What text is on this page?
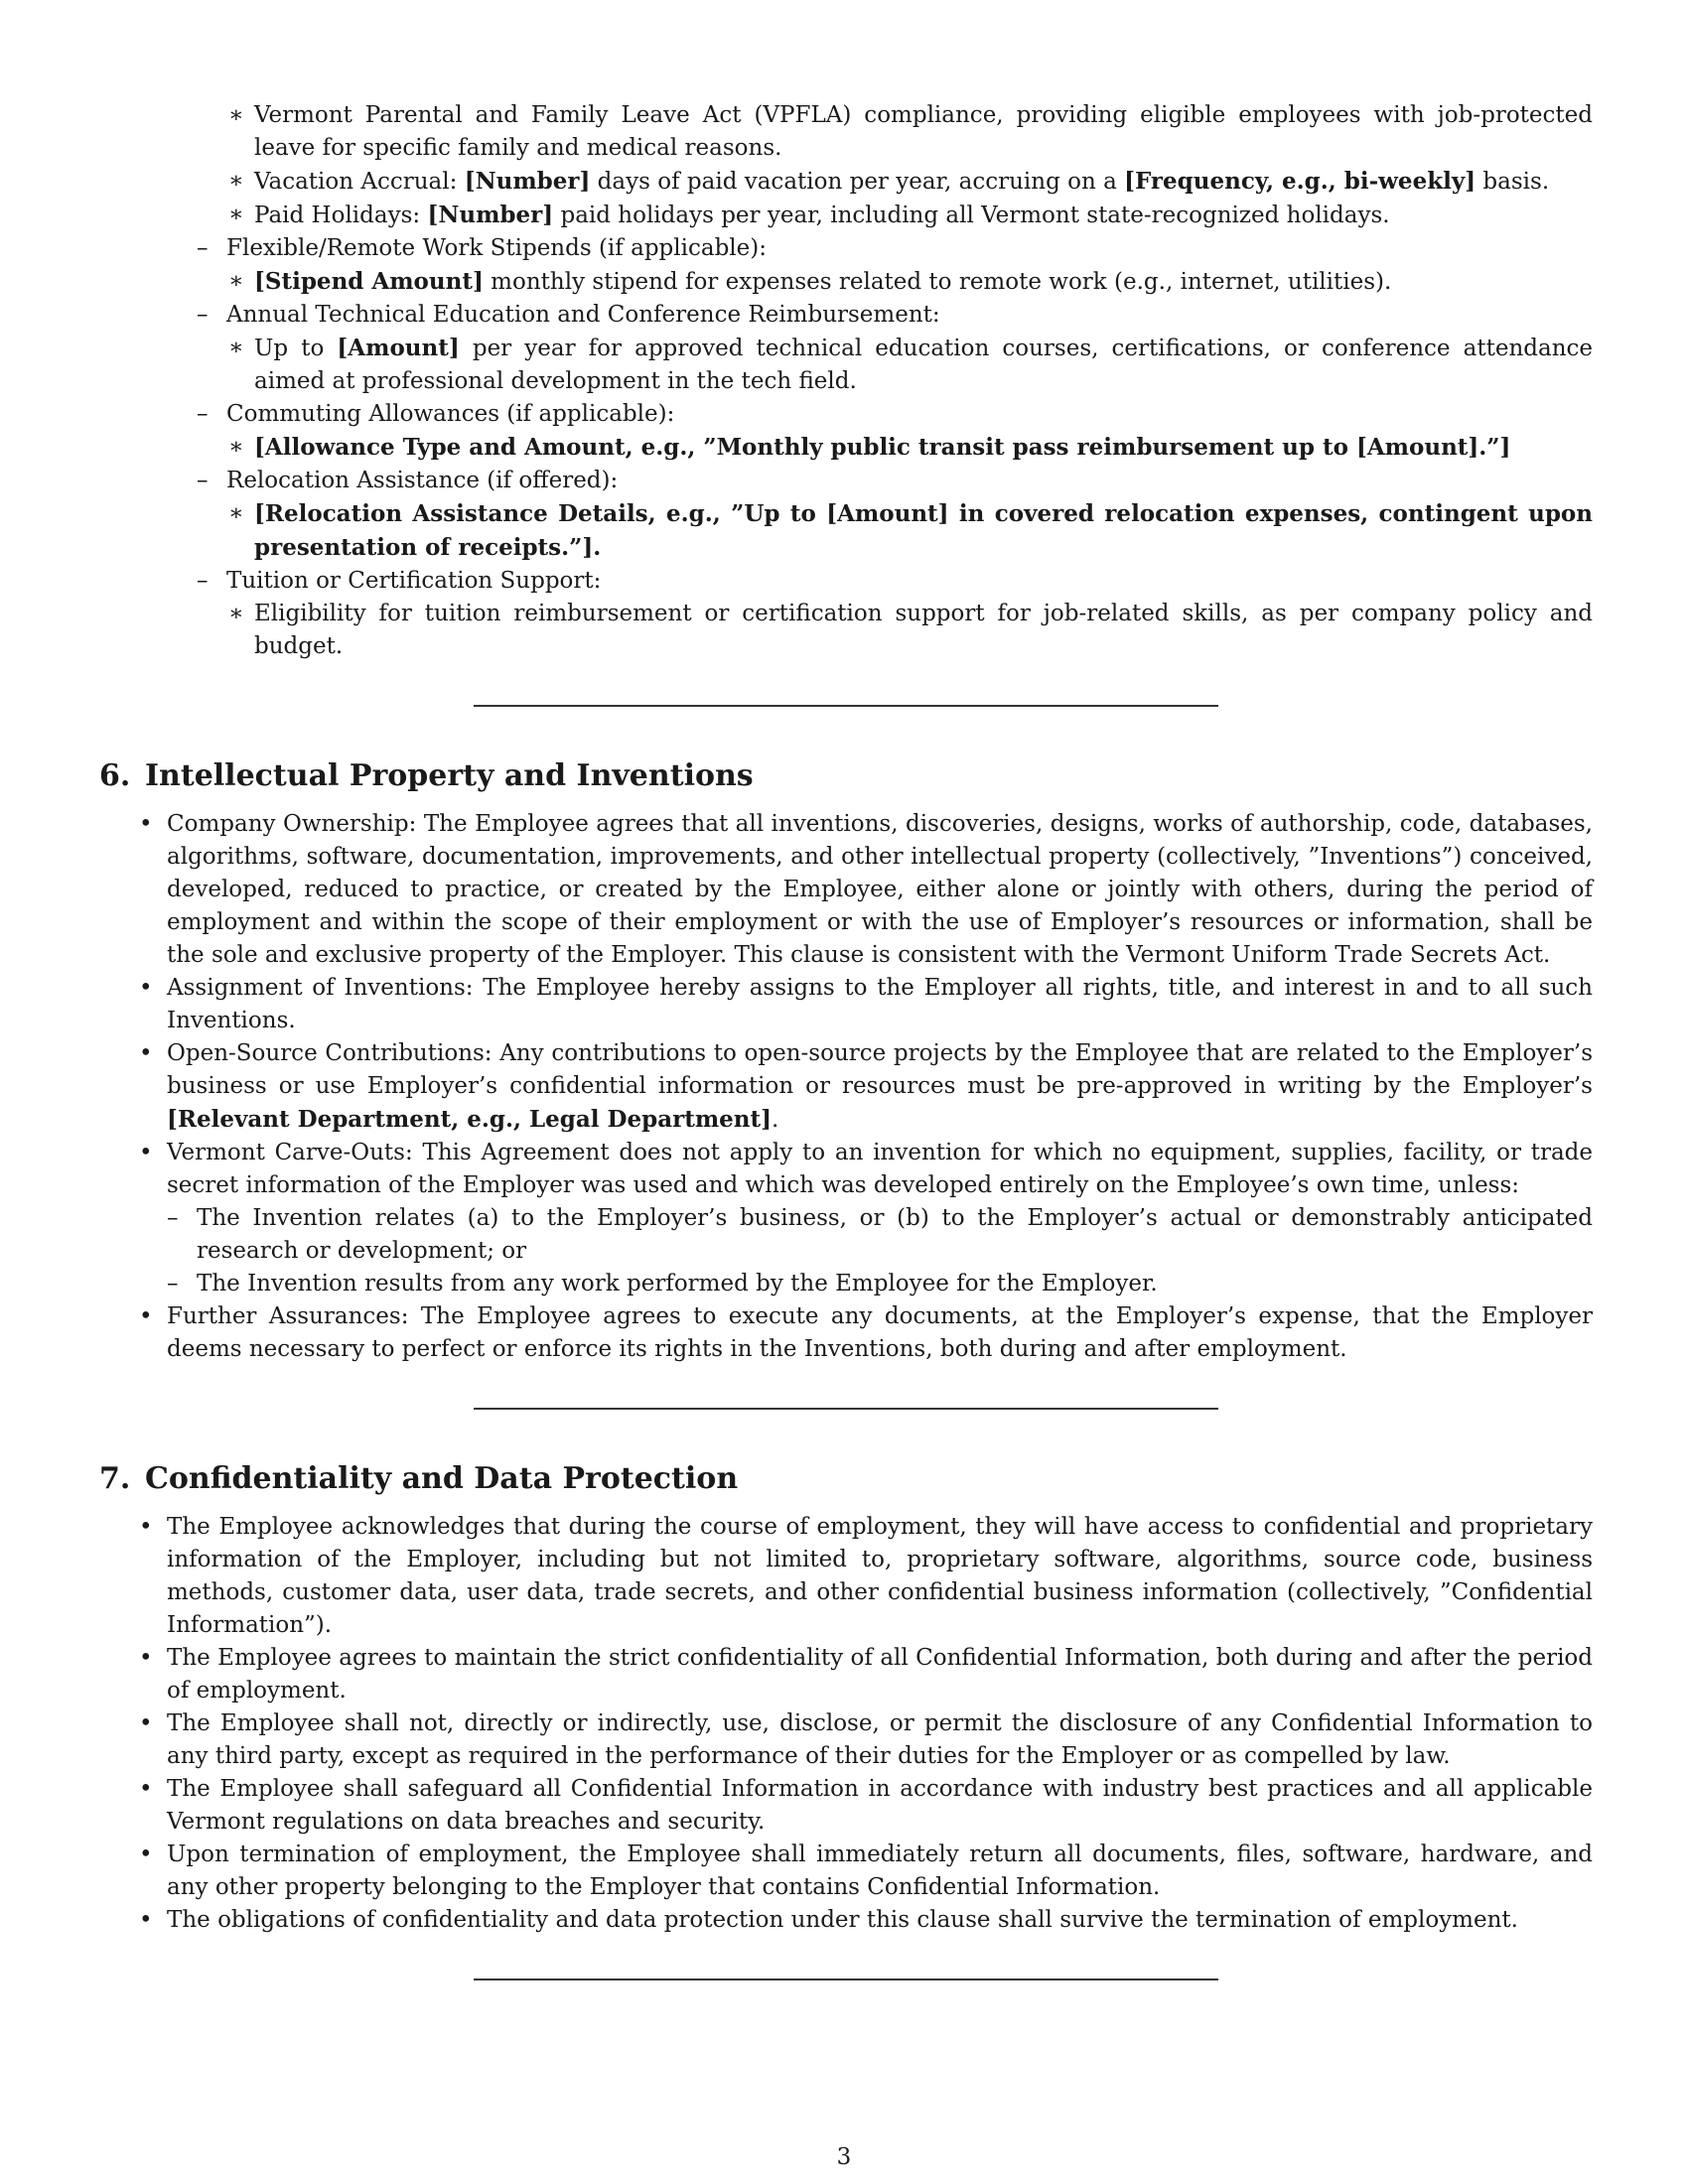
∗ Vermont Parental and Family Leave Act (VPFLA) compliance, providing eligible employees with job-protected leave for specific family and medical reasons.
∗ Vacation Accrual: [Number] days of paid vacation per year, accruing on a [Frequency, e.g., bi-weekly] basis.
∗ Paid Holidays: [Number] paid holidays per year, including all Vermont state-recognized holidays.
– Flexible/Remote Work Stipends (if applicable):
∗ [Stipend Amount] monthly stipend for expenses related to remote work (e.g., internet, utilities).
– Annual Technical Education and Conference Reimbursement:
∗ Up to [Amount] per year for approved technical education courses, certifications, or conference attendance aimed at professional development in the tech field.
– Commuting Allowances (if applicable):
∗ [Allowance Type and Amount, e.g., ”Monthly public transit pass reimbursement up to [Amount].”]
– Relocation Assistance (if offered):
∗ [Relocation Assistance Details, e.g., ”Up to [Amount] in covered relocation expenses, contingent upon presentation of receipts.”].
– Tuition or Certification Support:
∗ Eligibility for tuition reimbursement or certification support for job-related skills, as per company policy and budget.
6. Intellectual Property and Inventions
• Company Ownership: The Employee agrees that all inventions, discoveries, designs, works of authorship, code, databases, algorithms, software, documentation, improvements, and other intellectual property (collectively, ”Inventions”) conceived, developed, reduced to practice, or created by the Employee, either alone or jointly with others, during the period of employment and within the scope of their employment or with the use of Employer’s resources or information, shall be the sole and exclusive property of the Employer. This clause is consistent with the Vermont Uniform Trade Secrets Act.
• Assignment of Inventions: The Employee hereby assigns to the Employer all rights, title, and interest in and to all such Inventions.
• Open-Source Contributions: Any contributions to open-source projects by the Employee that are related to the Employer’s business or use Employer’s confidential information or resources must be pre-approved in writing by the Employer’s [Relevant Department, e.g., Legal Department].
• Vermont Carve-Outs: This Agreement does not apply to an invention for which no equipment, supplies, facility, or trade secret information of the Employer was used and which was developed entirely on the Employee’s own time, unless:
– The Invention relates (a) to the Employer’s business, or (b) to the Employer’s actual or demonstrably anticipated research or development; or
– The Invention results from any work performed by the Employee for the Employer.
• Further Assurances: The Employee agrees to execute any documents, at the Employer’s expense, that the Employer deems necessary to perfect or enforce its rights in the Inventions, both during and after employment.
7. Confidentiality and Data Protection
• The Employee acknowledges that during the course of employment, they will have access to confidential and proprietary information of the Employer, including but not limited to, proprietary software, algorithms, source code, business methods, customer data, user data, trade secrets, and other confidential business information (collectively, ”Confidential Information”).
• The Employee agrees to maintain the strict confidentiality of all Confidential Information, both during and after the period of employment.
• The Employee shall not, directly or indirectly, use, disclose, or permit the disclosure of any Confidential Information to any third party, except as required in the performance of their duties for the Employer or as compelled by law.
• The Employee shall safeguard all Confidential Information in accordance with industry best practices and all applicable Vermont regulations on data breaches and security.
• Upon termination of employment, the Employee shall immediately return all documents, files, software, hardware, and any other property belonging to the Employer that contains Confidential Information.
• The obligations of confidentiality and data protection under this clause shall survive the termination of employment.
3
